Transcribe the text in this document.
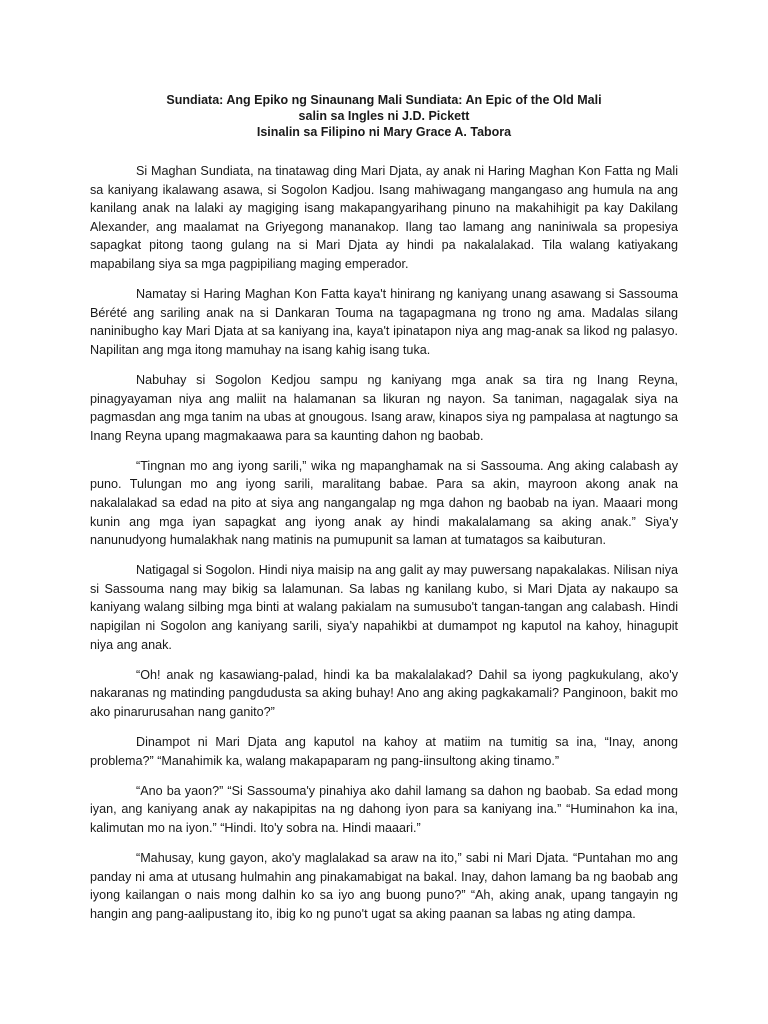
Sundiata: Ang Epiko ng Sinaunang Mali Sundiata: An Epic of the Old Mali
salin sa Ingles ni J.D. Pickett
Isinalin sa Filipino ni Mary Grace A. Tabora

Si Maghan Sundiata, na tinatawag ding Mari Djata, ay anak ni Haring Maghan Kon Fatta ng Mali sa kaniyang ikalawang asawa, si Sogolon Kadjou. Isang mahiwagang mangangaso ang humula na ang kanilang anak na lalaki ay magiging isang makapangyarihang pinuno na makahihigit pa kay Dakilang Alexander, ang maalamat na Griyegong mananakop. Ilang tao lamang ang naniniwala sa propesiya sapagkat pitong taong gulang na si Mari Djata ay hindi pa nakalalakad. Tila walang katiyakang mapabilang siya sa mga pagpipiliang maging emperador.

Namatay si Haring Maghan Kon Fatta kaya't hinirang ng kaniyang unang asawang si Sassouma Bérété ang sariling anak na si Dankaran Touma na tagapagmana ng trono ng ama. Madalas silang naninibugho kay Mari Djata at sa kaniyang ina, kaya't ipinatapon niya ang mag-anak sa likod ng palasyo. Napilitan ang mga itong mamuhay na isang kahig isang tuka.

Nabuhay si Sogolon Kedjou sampu ng kaniyang mga anak sa tira ng Inang Reyna, pinagyayaman niya ang maliit na halamanan sa likuran ng nayon. Sa taniman, nagagalak siya na pagmasdan ang mga tanim na ubas at gnougous. Isang araw, kinapos siya ng pampalasa at nagtungo sa Inang Reyna upang magmakaawa para sa kaunting dahon ng baobab.

“Tingnan mo ang iyong sarili,” wika ng mapanghamak na si Sassouma. Ang aking calabash ay puno. Tulungan mo ang iyong sarili, maralitang babae. Para sa akin, mayroon akong anak na nakalalakad sa edad na pito at siya ang nangangalap ng mga dahon ng baobab na iyan. Maaari mong kunin ang mga iyan sapagkat ang iyong anak ay hindi makalalamang sa aking anak.” Siya'y nanunudyong humalakhak nang matinis na pumupunit sa laman at tumatagos sa kaibuturan.

Natigagal si Sogolon. Hindi niya maisip na ang galit ay may puwersang napakalakas. Nilisan niya si Sassouma nang may bikig sa lalamunan. Sa labas ng kanilang kubo, si Mari Djata ay nakaupo sa kaniyang walang silbing mga binti at walang pakialam na sumusubo't tangan-tangan ang calabash. Hindi napigilan ni Sogolon ang kaniyang sarili, siya'y napahikbi at dumampot ng kaputol na kahoy, hinagupit niya ang anak.

“Oh! anak ng kasawiang-palad, hindi ka ba makalalakad? Dahil sa iyong pagkukulang, ako'y nakaranas ng matinding pangdudusta sa aking buhay! Ano ang aking pagkakamali? Panginoon, bakit mo ako pinarurusahan nang ganito?”

Dinampot ni Mari Djata ang kaputol na kahoy at matiim na tumitig sa ina, “Inay, anong problema?” “Manahimik ka, walang makapaparam ng pang-iinsultong aking tinamo.”

“Ano ba yaon?” “Si Sassouma'y pinahiya ako dahil lamang sa dahon ng baobab. Sa edad mong iyan, ang kaniyang anak ay nakapipitas na ng dahong iyon para sa kaniyang ina.” “Huminahon ka ina, kalimutan mo na iyon.” “Hindi. Ito'y sobra na. Hindi maaari.”

“Mahusay, kung gayon, ako'y maglalakad sa araw na ito,” sabi ni Mari Djata. “Puntahan mo ang panday ni ama at utusang hulmahin ang pinakamabigat na bakal. Inay, dahon lamang ba ng baobab ang iyong kailangan o nais mong dalhin ko sa iyo ang buong puno?” “Ah, aking anak, upang tangayin ng hangin ang pang-aalipustang ito, ibig ko ng puno't ugat sa aking paanan sa labas ng ating dampa.
